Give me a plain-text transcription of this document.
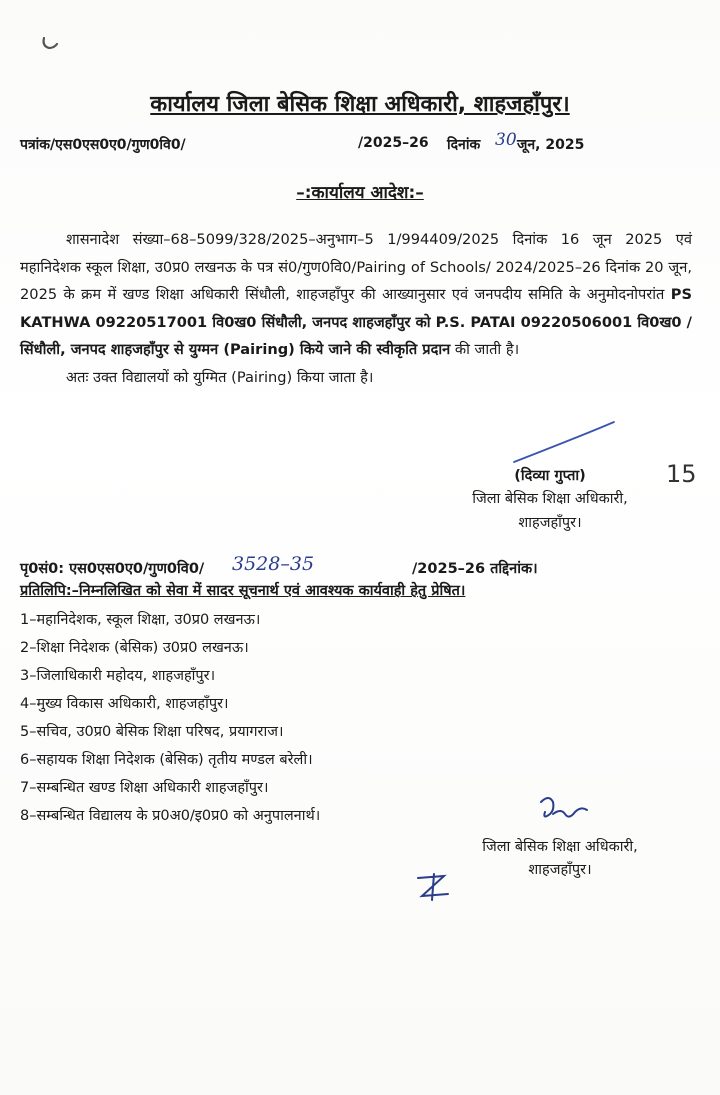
कार्यालय जिला बेसिक शिक्षा अधिकारी, शाहजहाँपुर।
पत्रांक/एस0एस0ए0/गुण0वि0/	/2025–26 दिनांक 30 जून, 2025
–:कार्यालय आदेश:–

शासनादेश संख्या–68–5099/328/2025–अनुभाग–5 1/994409/2025 दिनांक 16 जून 2025 एवं महानिदेशक स्कूल शिक्षा, उ0प्र0 लखनऊ के पत्र सं0/गुण0वि0/Pairing of Schools/ 2024/2025–26 दिनांक 20 जून, 2025 के क्रम में खण्ड शिक्षा अधिकारी सिंधौली, शाहजहाँपुर की आख्यानुसार एवं जनपदीय समिति के अनुमोदनोपरांत PS KATHWA 09220517001 वि0ख0 सिंधौली, जनपद शाहजहाँपुर को P.S. PATAI 09220506001 वि0ख0 /सिंधौली, जनपद शाहजहाँपुर से युग्मन (Pairing) किये जाने की स्वीकृति प्रदान की जाती है।

अतः उक्त विद्यालयों को युग्मित (Pairing) किया जाता है।

(दिव्या गुप्ता)
जिला बेसिक शिक्षा अधिकारी,
शाहजहाँपुर।
15
पृ0सं0: एस0एस0ए0/गुण0वि0/ 3528–35	/2025–26 तद्दिनांक।
प्रतिलिपि:–निम्नलिखित को सेवा में सादर सूचनार्थ एवं आवश्यक कार्यवाही हेतु प्रेषित।
1–महानिदेशक, स्कूल शिक्षा, उ0प्र0 लखनऊ।
2–शिक्षा निदेशक (बेसिक) उ0प्र0 लखनऊ।
3–जिलाधिकारी महोदय, शाहजहाँपुर।
4–मुख्य विकास अधिकारी, शाहजहाँपुर।
5–सचिव, उ0प्र0 बेसिक शिक्षा परिषद, प्रयागराज।
6–सहायक शिक्षा निदेशक (बेसिक) तृतीय मण्डल बरेली।
7–सम्बन्धित खण्ड शिक्षा अधिकारी शाहजहाँपुर।
8–सम्बन्धित विद्यालय के प्र0अ0/इ0प्र0 को अनुपालनार्थ।
जिला बेसिक शिक्षा अधिकारी,
शाहजहाँपुर।
